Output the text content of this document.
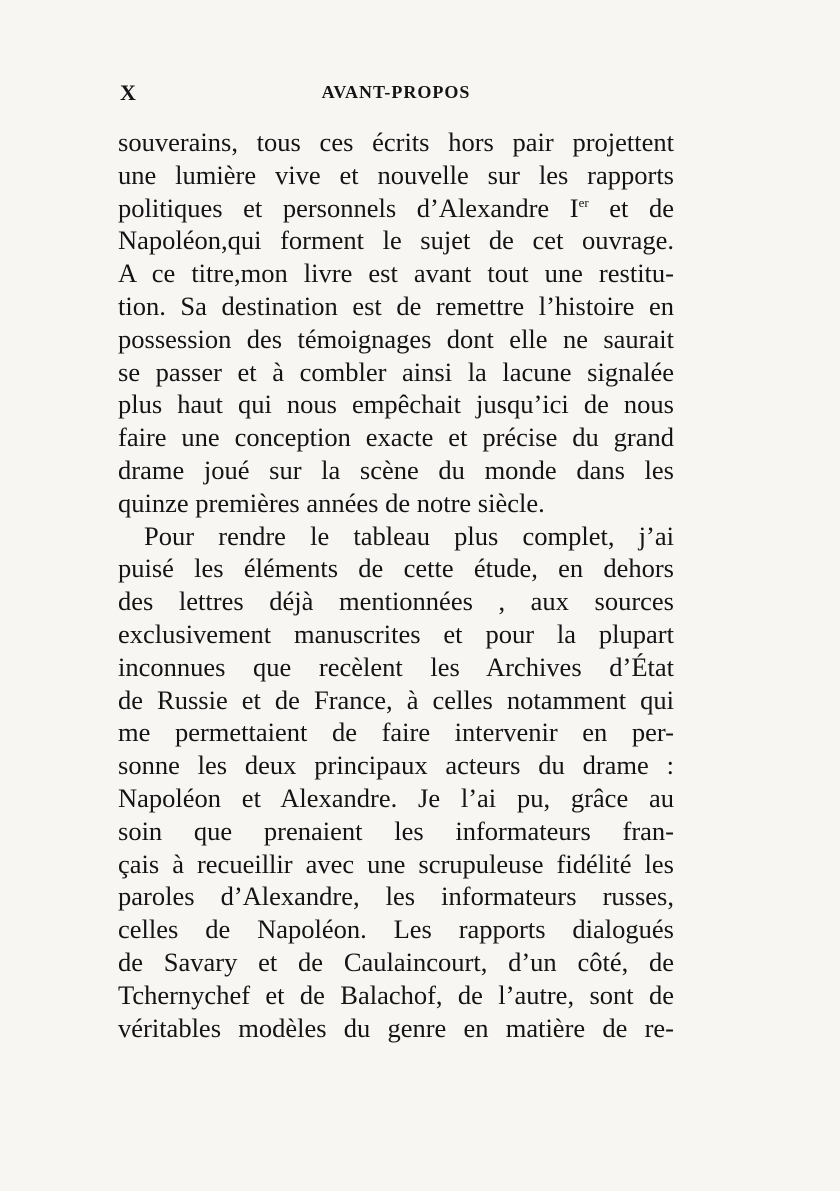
X	AVANT-PROPOS
souverains, tous ces écrits hors pair projettent
une lumière vive et nouvelle sur les rapports
politiques et personnels d’Alexandre Ier et de
Napoléon,qui forment le sujet de cet ouvrage.
A ce titre,mon livre est avant tout une restitu-
tion. Sa destination est de remettre l’histoire en
possession des témoignages dont elle ne saurait
se passer et à combler ainsi la lacune signalée
plus haut qui nous empêchait jusqu’ici de nous
faire une conception exacte et précise du grand
drame joué sur la scène du monde dans les
quinze premières années de notre siècle.
Pour rendre le tableau plus complet, j’ai
puisé les éléments de cette étude, en dehors
des lettres déjà mentionnées , aux sources
exclusivement manuscrites et pour la plupart
inconnues que recèlent les Archives d’État
de Russie et de France, à celles notamment qui
me permettaient de faire intervenir en per-
sonne les deux principaux acteurs du drame :
Napoléon et Alexandre. Je l’ai pu, grâce au
soin que prenaient les informateurs fran-
çais à recueillir avec une scrupuleuse fidélité les
paroles d’Alexandre, les informateurs russes,
celles de Napoléon. Les rapports dialogués
de Savary et de Caulaincourt, d’un côté, de
Tchernychef et de Balachof, de l’autre, sont de
véritables modèles du genre en matière de re-
